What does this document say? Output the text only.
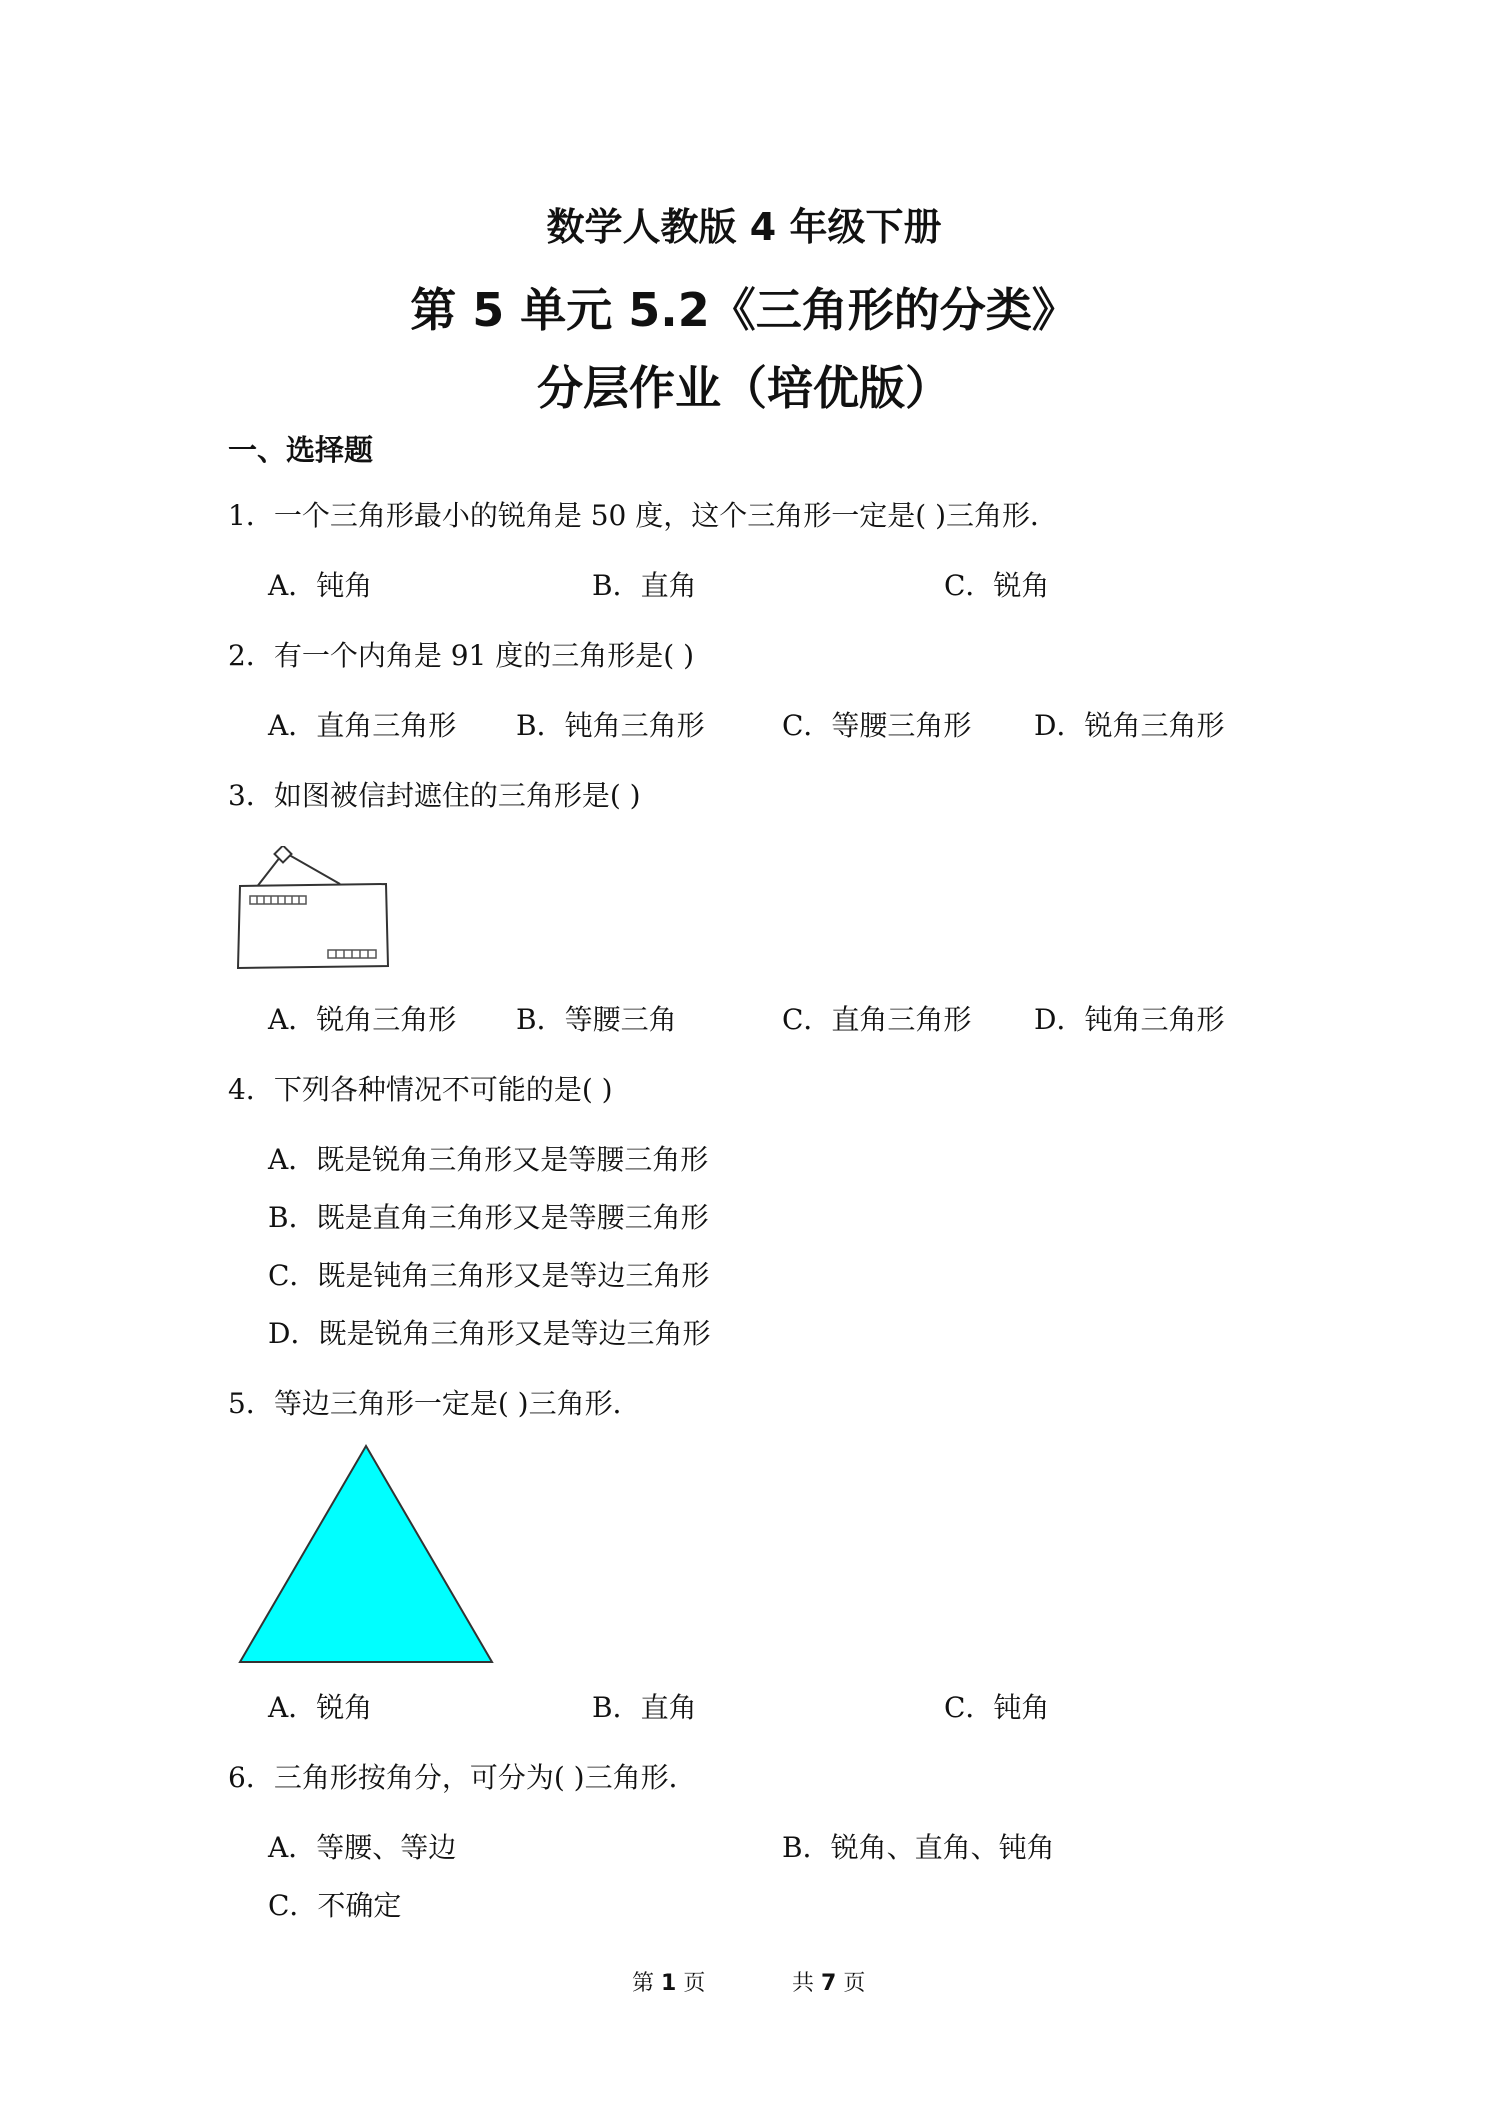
数学人教版 4 年级下册
第 5 单元 5.2《三角形的分类》
分层作业（培优版）
一、选择题
1．一个三角形最小的锐角是 50 度，这个三角形一定是( )三角形．
A．钝角	B．直角	C．锐角
2．有一个内角是 91 度的三角形是( )
A．直角三角形 B．钝角三角形	C．等腰三角形 D．锐角三角形
3．如图被信封遮住的三角形是( )
A．锐角三角形 B．等腰三角	C．直角三角形 D．钝角三角形
4．下列各种情况不可能的是( )
A．既是锐角三角形又是等腰三角形
B．既是直角三角形又是等腰三角形
C．既是钝角三角形又是等边三角形
D．既是锐角三角形又是等边三角形
5．等边三角形一定是( )三角形．
A．锐角	B．直角	C．钝角
6．三角形按角分，可分为( )三角形．
A．等腰、等边	B．锐角、直角、钝角
C．不确定
第 1 页	共 7 页
